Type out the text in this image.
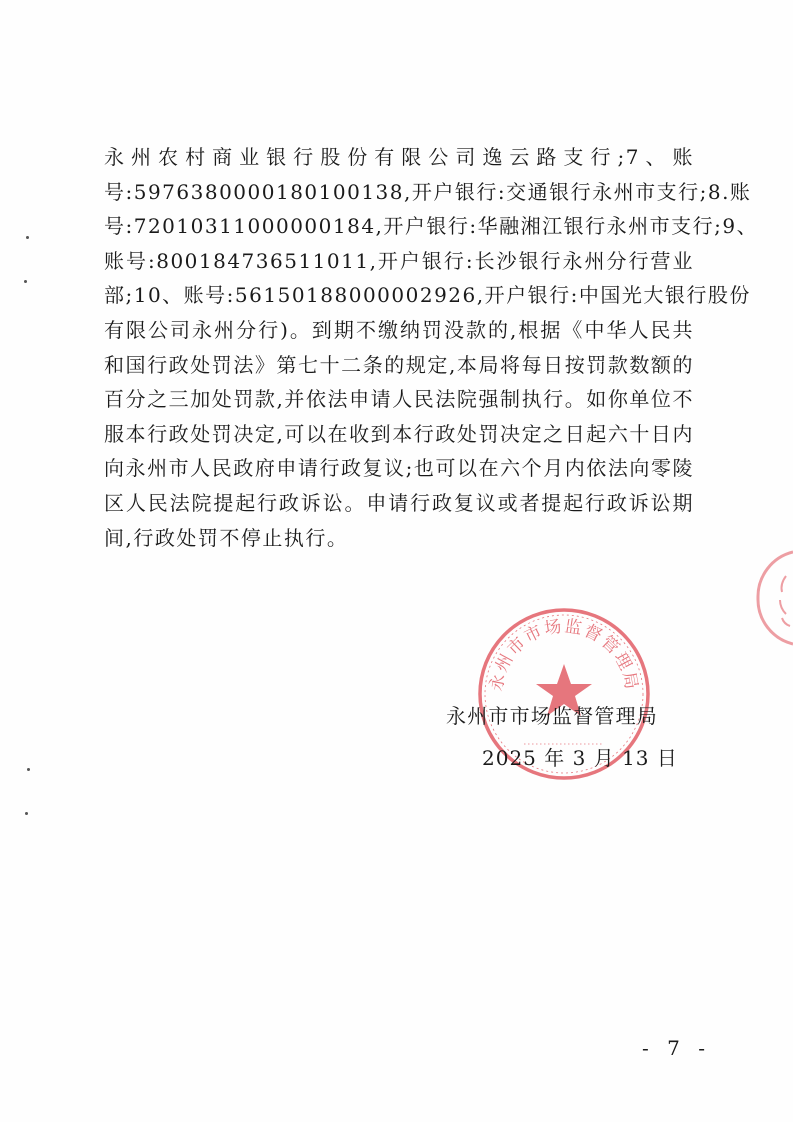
永州农村商业银行股份有限公司逸云路支行;7、账
号:5976380000180100138,开户银行:交通银行永州市支行;8.账
号:72010311000000184,开户银行:华融湘江银行永州市支行;9、
账号:800184736511011,开户银行:长沙银行永州分行营业
部;10、账号:56150188000002926,开户银行:中国光大银行股份
有限公司永州分行)。到期不缴纳罚没款的,根据《中华人民共
和国行政处罚法》第七十二条的规定,本局将每日按罚款数额的
百分之三加处罚款,并依法申请人民法院强制执行。如你单位不
服本行政处罚决定,可以在收到本行政处罚决定之日起六十日内
向永州市人民政府申请行政复议;也可以在六个月内依法向零陵
区人民法院提起行政诉讼。申请行政复议或者提起行政诉讼期
间,行政处罚不停止执行。
永州市市场监督管理局
永州市市场监督管理局
2025 年 3 月 13 日
- 7 -
